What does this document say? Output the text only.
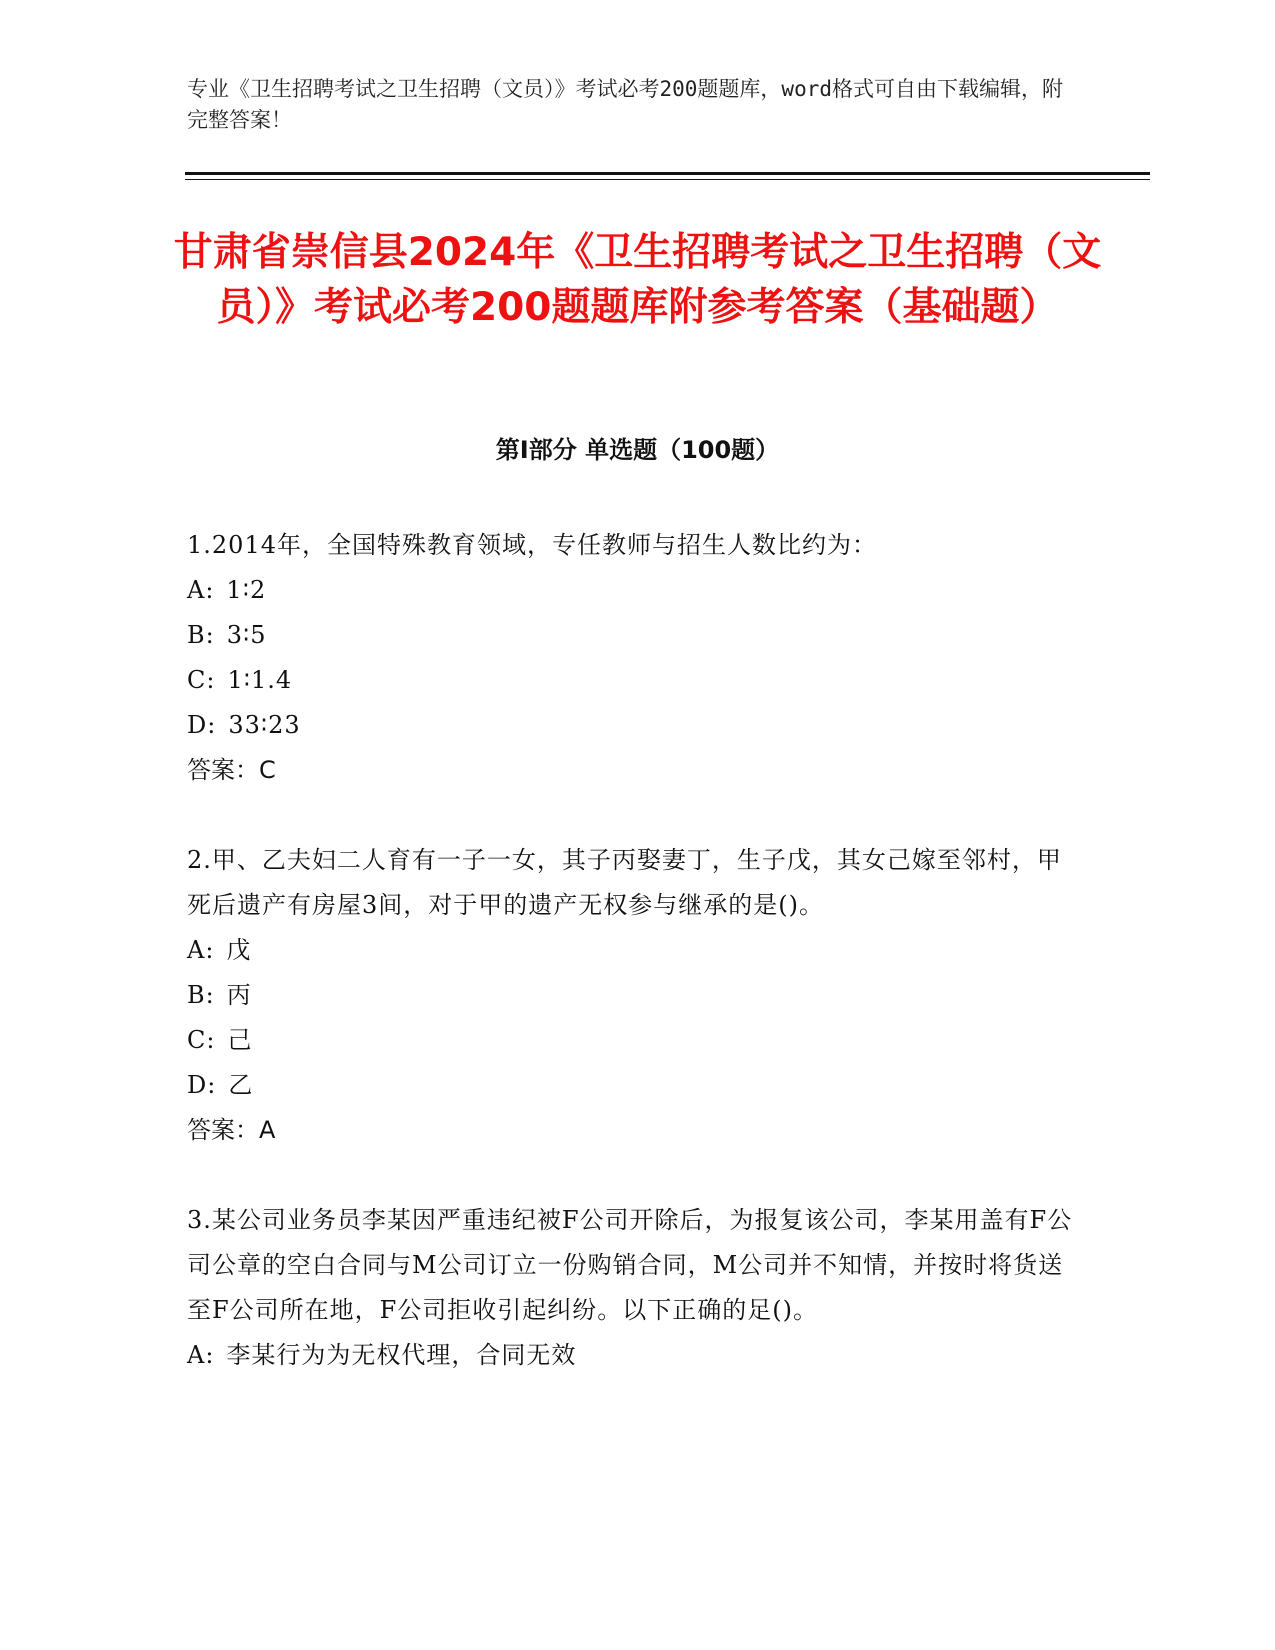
专业《卫生招聘考试之卫生招聘（文员）》考试必考200题题库，word格式可自由下载编辑，附完整答案！
甘肃省崇信县2024年《卫生招聘考试之卫生招聘（文员）》考试必考200题题库附参考答案（基础题）
第Ⅰ部分 单选题（100题）
1.2014年，全国特殊教育领域，专任教师与招生人数比约为：
A: 1∶2
B: 3∶5
C: 1∶1.4
D: 33∶23
答案：C
2.甲、乙夫妇二人育有一子一女，其子丙娶妻丁，生子戊，其女己嫁至邻村，甲死后遗产有房屋3间，对于甲的遗产无权参与继承的是()。
A: 戊
B: 丙
C: 己
D: 乙
答案：A
3.某公司业务员李某因严重违纪被F公司开除后，为报复该公司，李某用盖有F公司公章的空白合同与M公司订立一份购销合同，M公司并不知情，并按时将货送至F公司所在地，F公司拒收引起纠纷。以下正确的足()。
A: 李某行为为无权代理，合同无效
